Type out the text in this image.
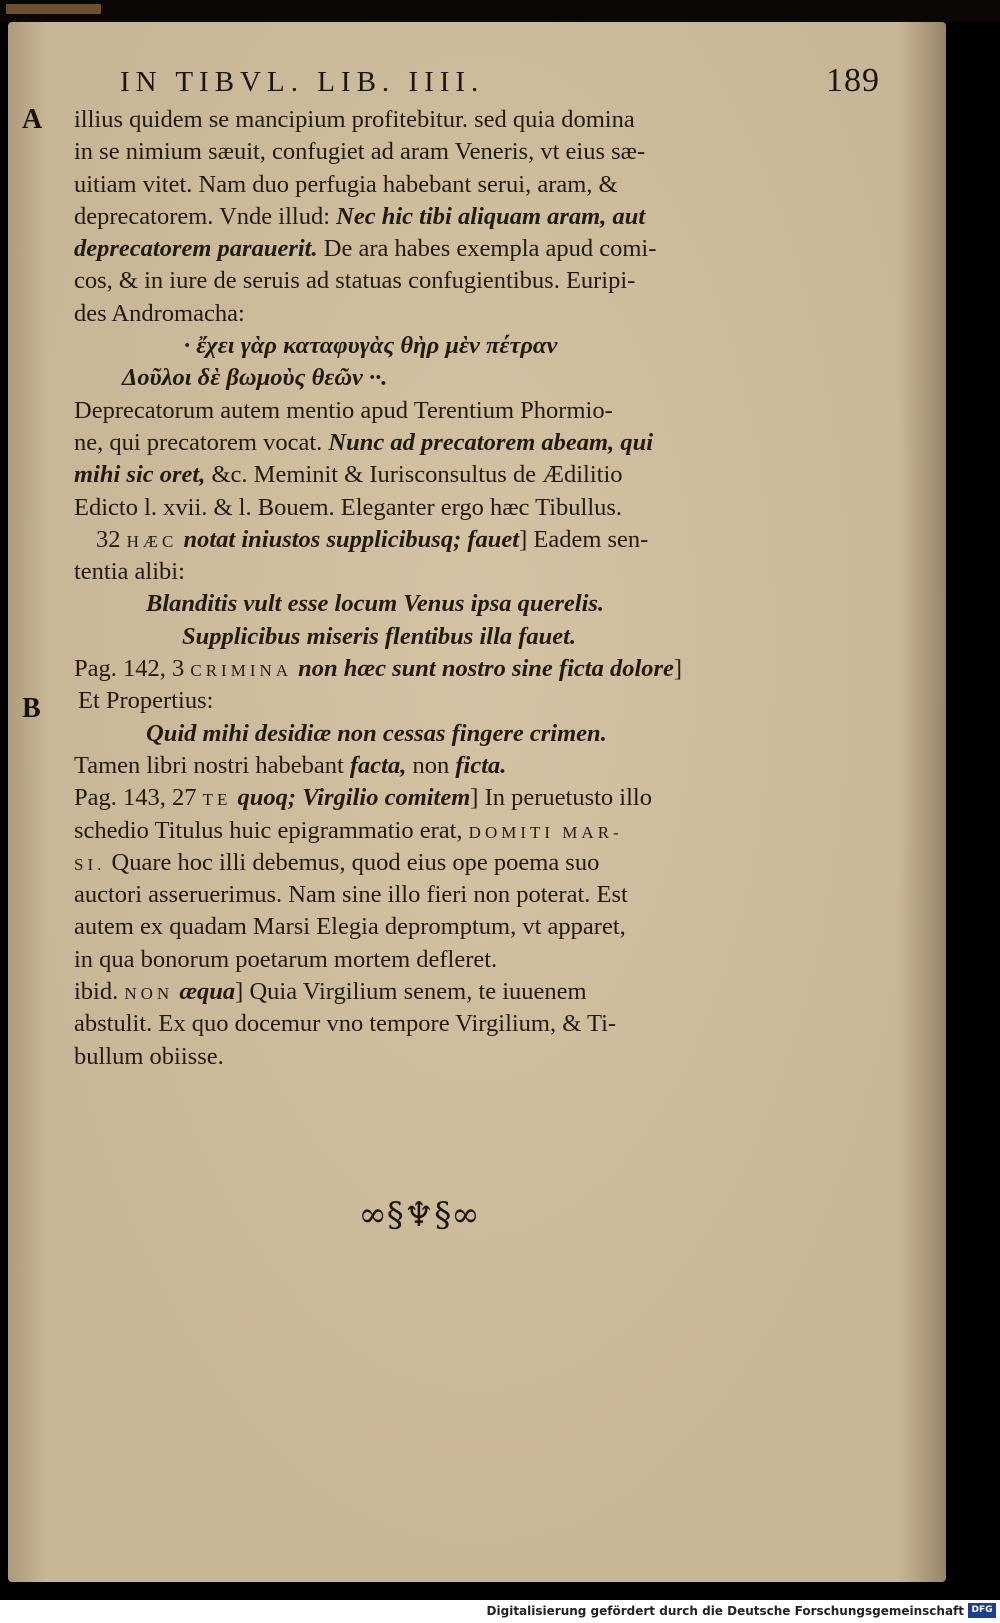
IN TIBVL. LIB. IIII.	189
A
B
illius quidem se mancipium profitebitur. sed quia domina
in se nimium sæuit, confugiet ad aram Veneris, vt eius sæ-
uitiam vitet. Nam duo perfugia habebant serui, aram, &
deprecatorem. Vnde illud: Nec hic tibi aliquam aram, aut
deprecatorem parauerit. De ara habes exempla apud comi-
cos, & in iure de seruis ad statuas confugientibus. Euripi-
des Andromacha:
· ἔχει γὰρ καταφυγὰς θὴρ μὲν πέτραν
Δοῦλοι δὲ βωμοὺς θεῶν ··.
Deprecatorum autem mentio apud Terentium Phormio-
ne, qui precatorem vocat. Nunc ad precatorem abeam, qui
mihi sic oret, &c. Meminit & Iurisconsultus de Ædilitio
Edicto l. xvii. & l. Bouem. Eleganter ergo hæc Tibullus.
32 HÆC notat iniustos supplicibusq; fauet] Eadem sen-
tentia alibi:
Blanditis vult esse locum Venus ipsa querelis.
Supplicibus miseris flentibus illa fauet.
Pag. 142, 3 CRIMINA non hæc sunt nostro sine ficta dolore]
Et Propertius:
Quid mihi desidiæ non cessas fingere crimen.
Tamen libri nostri habebant facta, non ficta.
Pag. 143, 27 TE quoq; Virgilio comitem] In peruetusto illo
schedio Titulus huic epigrammatio erat, DOMITI MAR-
SI. Quare hoc illi debemus, quod eius ope poema suo
auctori asseruerimus. Nam sine illo fieri non poterat. Est
autem ex quadam Marsi Elegia depromptum, vt apparet,
in qua bonorum poetarum mortem defleret.
ibid. NON æqua] Quia Virgilium senem, te iuuenem
abstulit. Ex quo docemur vno tempore Virgilium, & Ti-
bullum obiisse.
∞§♆§∞
Digitalisierung gefördert durch die Deutsche Forschungsgemeinschaft DFG
